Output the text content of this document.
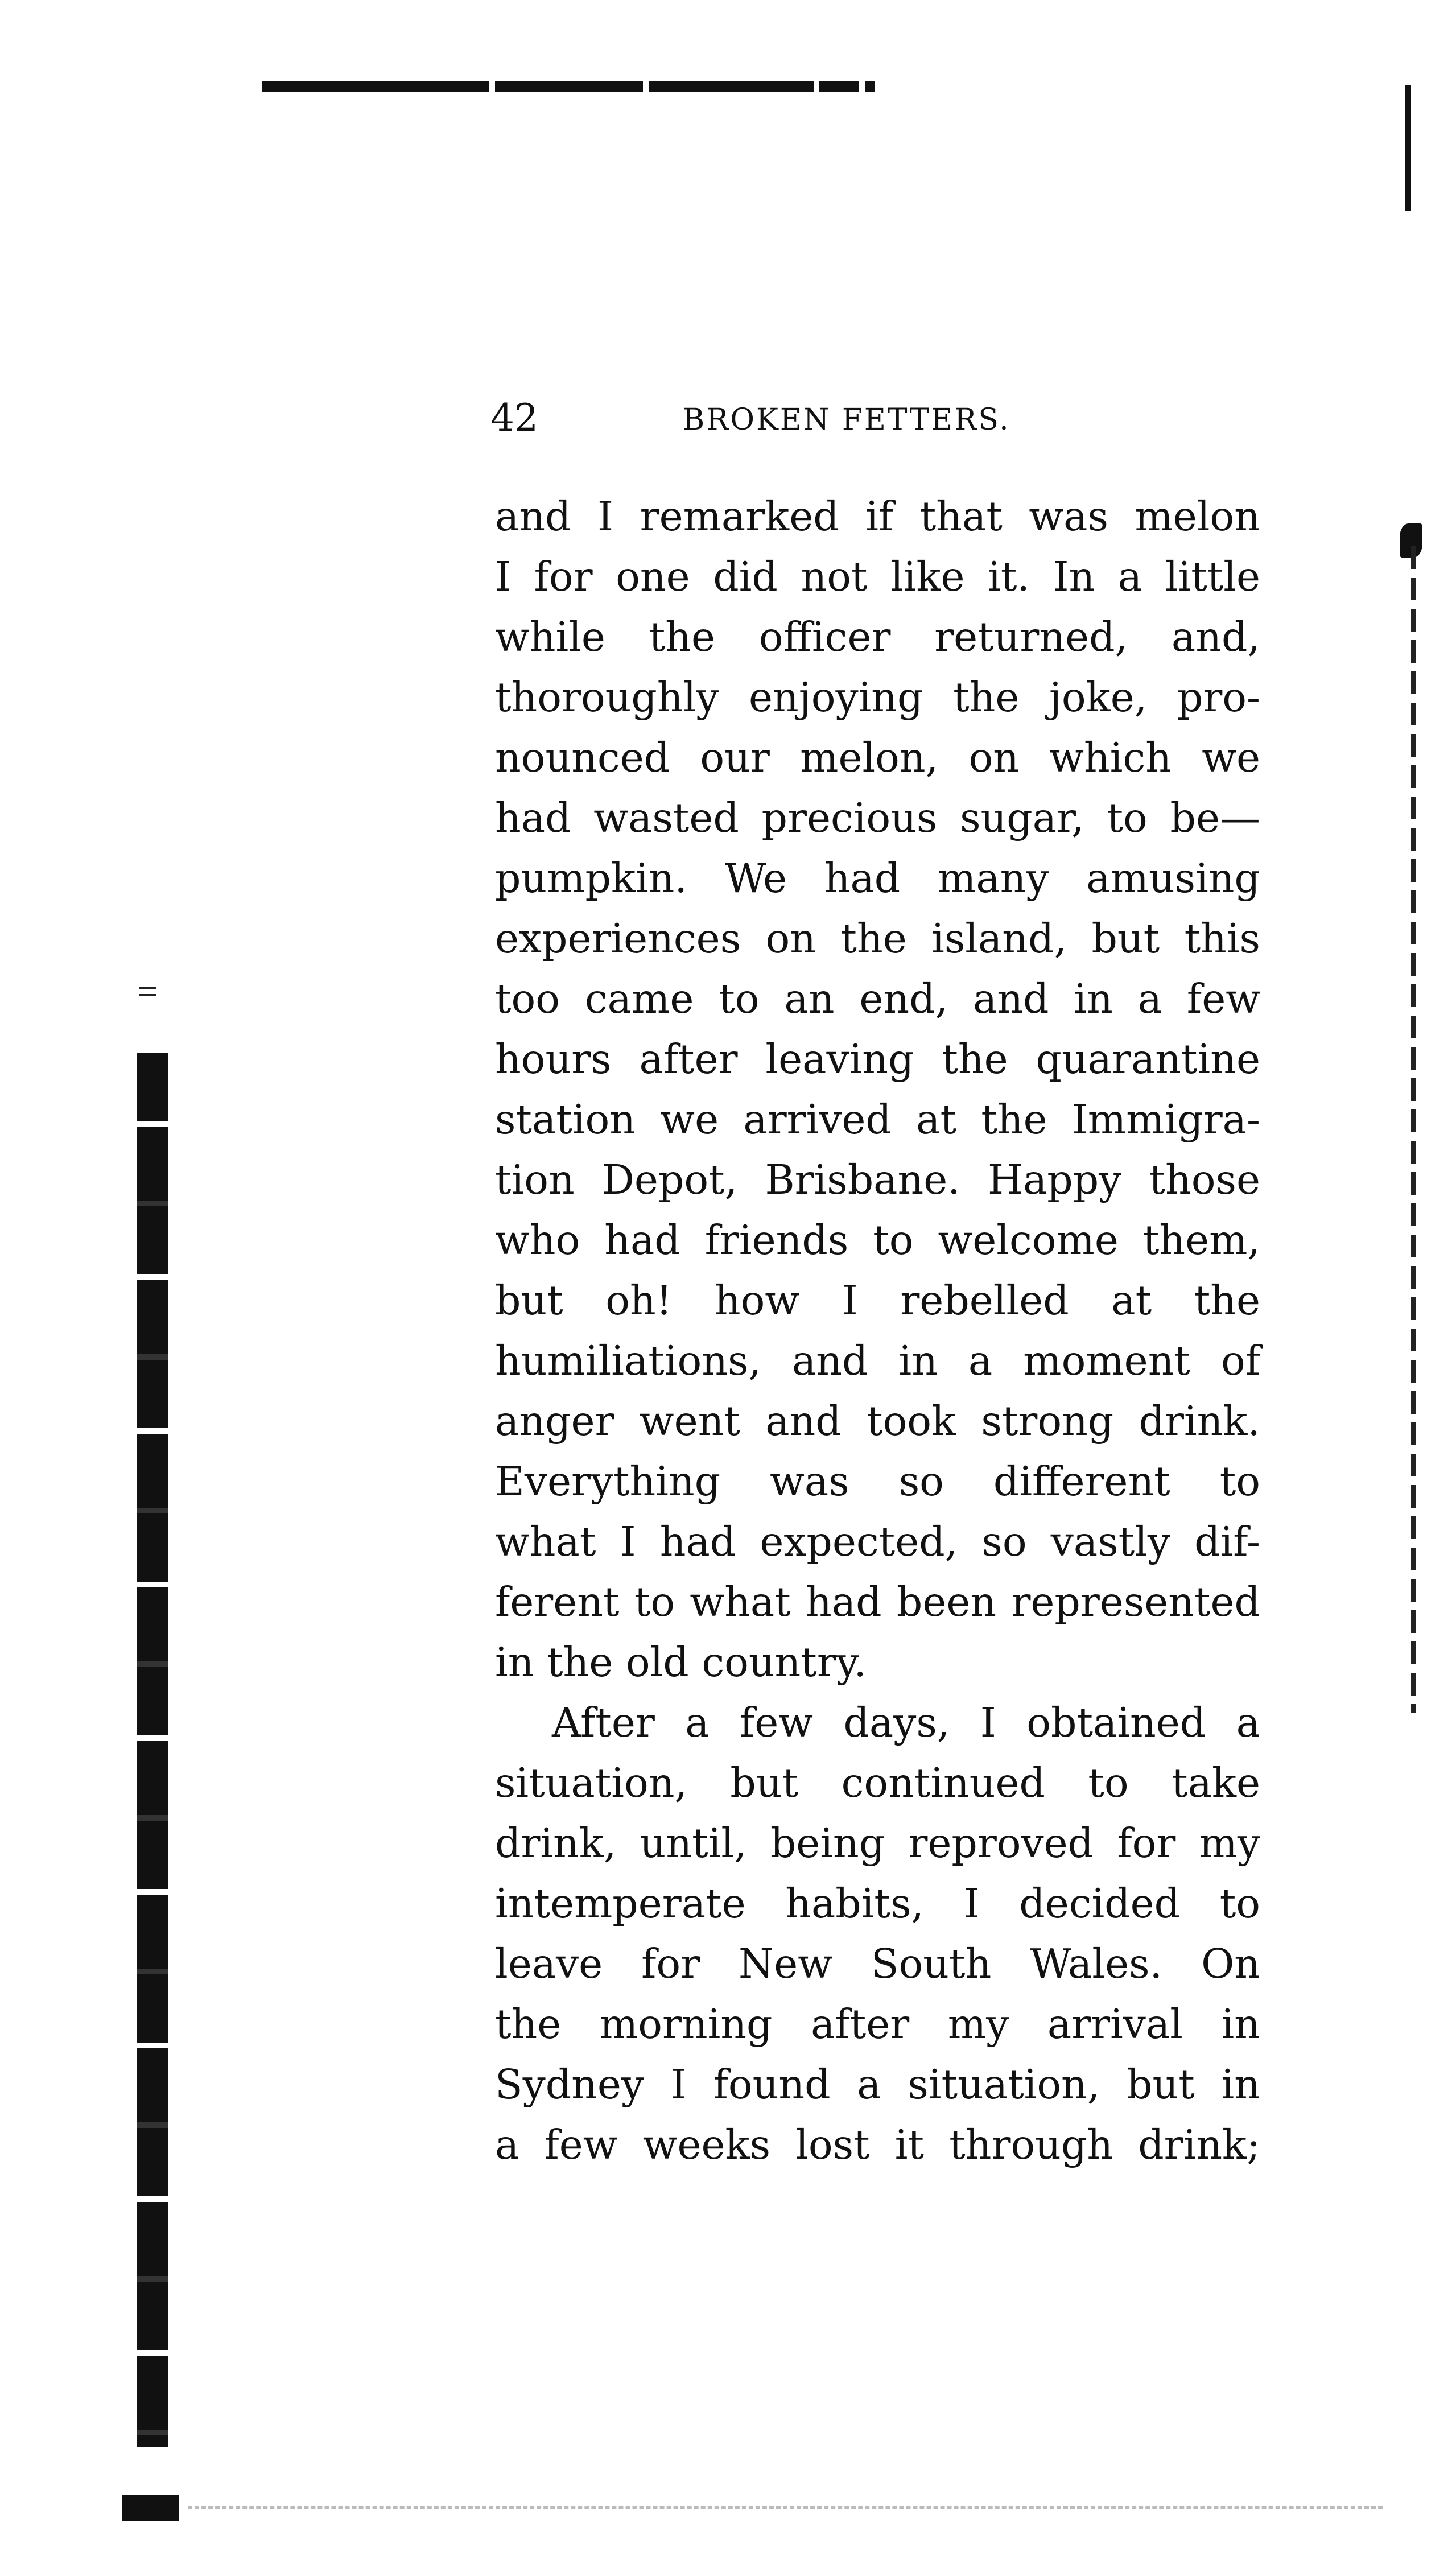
42	BROKEN FETTERS.
and I remarked if that was melon
I for one did not like it. In a little
while the officer returned, and,
thoroughly enjoying the joke, pro-
nounced our melon, on which we
had wasted precious sugar, to be—
pumpkin. We had many amusing
experiences on the island, but this
too came to an end, and in a few
hours after leaving the quarantine
station we arrived at the Immigra-
tion Depot, Brisbane. Happy those
who had friends to welcome them,
but oh! how I rebelled at the
humiliations, and in a moment of
anger went and took strong drink.
Everything was so different to
what I had expected, so vastly dif-
ferent to what had been represented
in the old country.
After a few days, I obtained a
situation, but continued to take
drink, until, being reproved for my
intemperate habits, I decided to
leave for New South Wales. On
the morning after my arrival in
Sydney I found a situation, but in
a few weeks lost it through drink;
